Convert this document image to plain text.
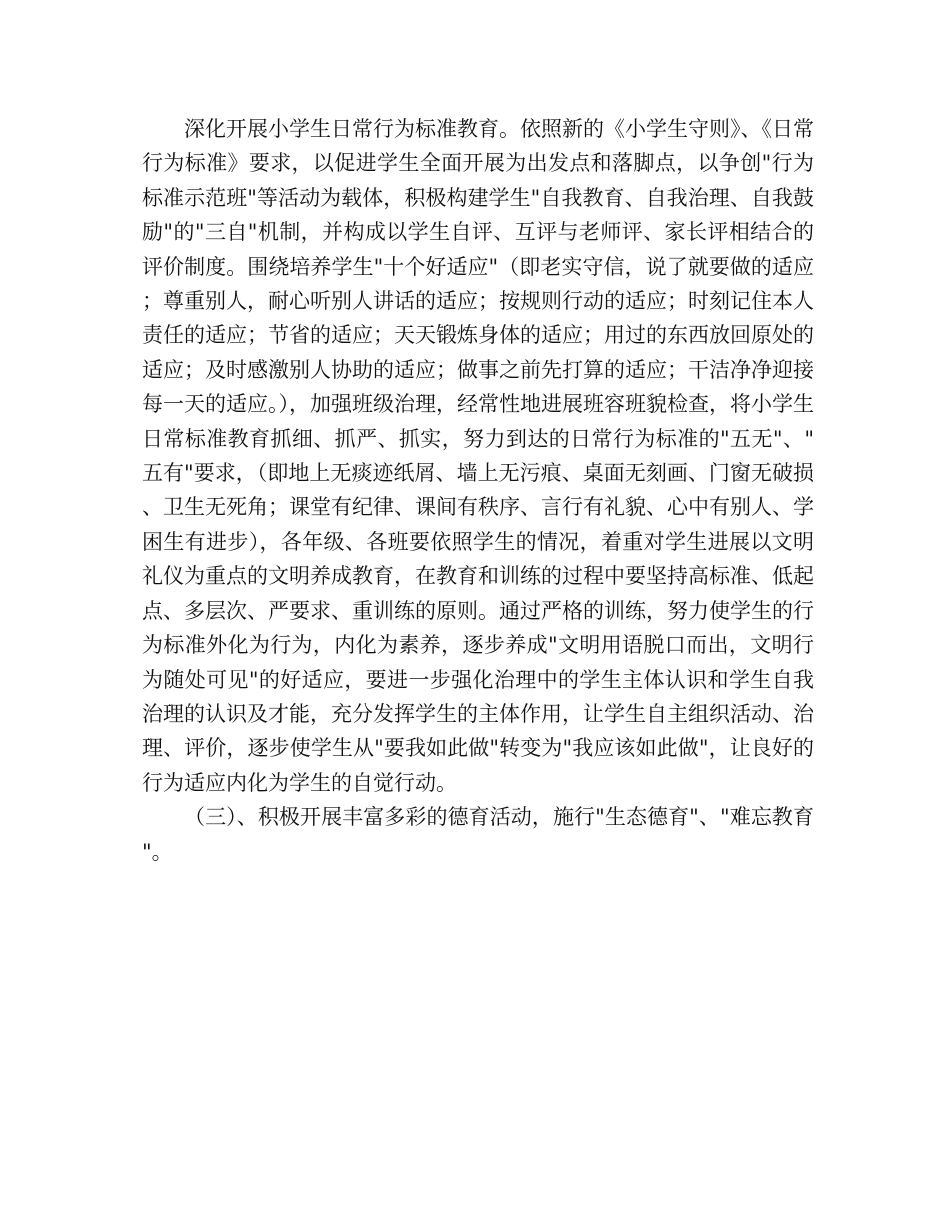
深化开展小学生日常行为标准教育。依照新的《小学生守则》、《日常行为标准》要求，以促进学生全面开展为出发点和落脚点，以争创"行为标准示范班"等活动为载体，积极构建学生"自我教育、自我治理、自我鼓励"的"三自"机制，并构成以学生自评、互评与老师评、家长评相结合的评价制度。围绕培养学生"十个好适应"（即老实守信，说了就要做的适应；尊重别人，耐心听别人讲话的适应；按规则行动的适应；时刻记住本人责任的适应；节省的适应；天天锻炼身体的适应；用过的东西放回原处的适应；及时感激别人协助的适应；做事之前先打算的适应；干洁净净迎接每一天的适应。），加强班级治理，经常性地进展班容班貌检查，将小学生日常标准教育抓细、抓严、抓实，努力到达的日常行为标准的"五无"、"五有"要求，（即地上无痰迹纸屑、墙上无污痕、桌面无刻画、门窗无破损、卫生无死角；课堂有纪律、课间有秩序、言行有礼貌、心中有别人、学困生有进步），各年级、各班要依照学生的情况，着重对学生进展以文明礼仪为重点的文明养成教育，在教育和训练的过程中要坚持高标准、低起点、多层次、严要求、重训练的原则。通过严格的训练，努力使学生的行为标准外化为行为，内化为素养，逐步养成"文明用语脱口而出，文明行为随处可见"的好适应，要进一步强化治理中的学生主体认识和学生自我治理的认识及才能，充分发挥学生的主体作用，让学生自主组织活动、治理、评价，逐步使学生从"要我如此做"转变为"我应该如此做"，让良好的行为适应内化为学生的自觉行动。

（三）、积极开展丰富多彩的德育活动，施行"生态德育"、"难忘教育"。
